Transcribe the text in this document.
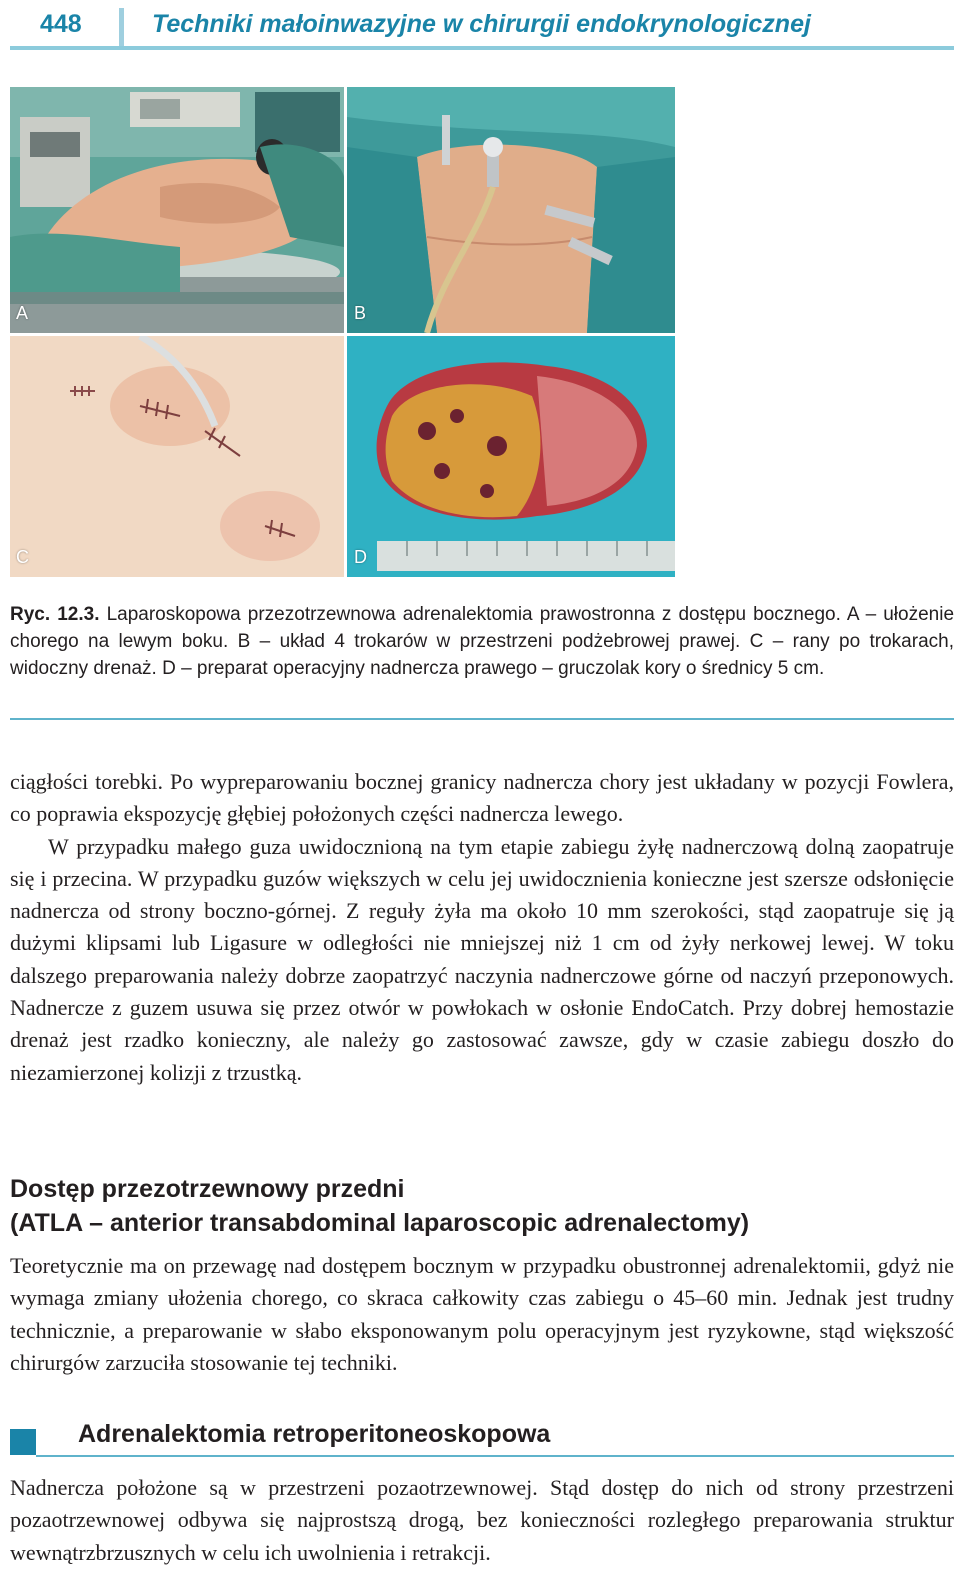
448	Techniki małoinwazyjne w chirurgii endokrynologicznej
A	B
C	D
Ryc. 12.3. Laparoskopowa przezotrzewnowa adrenalektomia prawostronna z dostępu bocznego. A – ułożenie chorego na lewym boku. B – układ 4 trokarów w przestrzeni podżebrowej prawej. C – rany po trokarach, widoczny drenaż. D – preparat operacyjny nadnercza prawego – gruczolak kory o średnicy 5 cm.

ciągłości torebki. Po wypreparowaniu bocznej granicy nadnercza chory jest układany w pozycji Fowlera, co poprawia ekspozycję głębiej położonych części nadnercza lewego.

W przypadku małego guza uwidocznioną na tym etapie zabiegu żyłę nadnerczową dolną zaopatruje się i przecina. W przypadku guzów większych w celu jej uwidocznienia konieczne jest szersze odsłonięcie nadnercza od strony boczno-górnej. Z reguły żyła ma około 10 mm szerokości, stąd zaopatruje się ją dużymi klipsami lub Ligasure w odległości nie mniejszej niż 1 cm od żyły nerkowej lewej. W toku dalszego preparowania należy dobrze zaopatrzyć naczynia nadnerczowe górne od naczyń przeponowych. Nadnercze z guzem usuwa się przez otwór w powłokach w osłonie EndoCatch. Przy dobrej hemostazie drenaż jest rzadko konieczny, ale należy go zastosować zawsze, gdy w czasie zabiegu doszło do niezamierzonej kolizji z trzustką.

Dostęp przezotrzewnowy przedni
(ATLA – anterior transabdominal laparoscopic adrenalectomy)

Teoretycznie ma on przewagę nad dostępem bocznym w przypadku obustronnej adrenalektomii, gdyż nie wymaga zmiany ułożenia chorego, co skraca całkowity czas zabiegu o 45–60 min. Jednak jest trudny technicznie, a preparowanie w słabo eksponowanym polu operacyjnym jest ryzykowne, stąd większość chirurgów zarzuciła stosowanie tej techniki.

Adrenalektomia retroperitoneoskopowa

Nadnercza położone są w przestrzeni pozaotrzewnowej. Stąd dostęp do nich od strony przestrzeni pozaotrzewnowej odbywa się najprostszą drogą, bez konieczności rozległego preparowania struktur wewnątrzbrzusznych w celu ich uwolnienia i retrakcji.
